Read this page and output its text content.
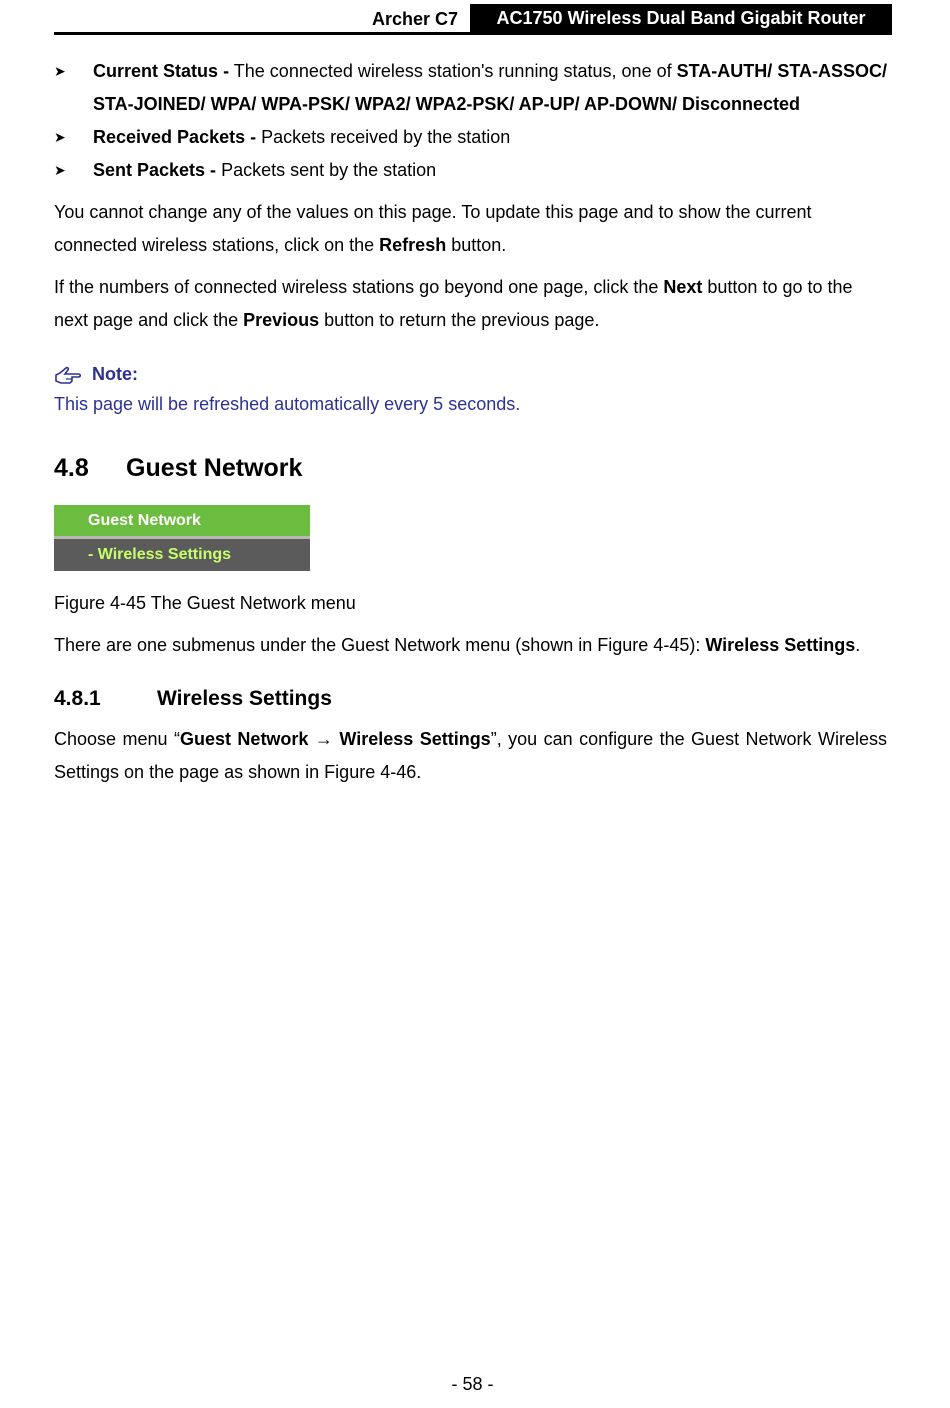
Archer C7	AC1750 Wireless Dual Band Gigabit Router
➤ Current Status - The connected wireless station's running status, one of STA-AUTH/ STA-ASSOC/ STA-JOINED/ WPA/ WPA-PSK/ WPA2/ WPA2-PSK/ AP-UP/ AP-DOWN/ Disconnected
➤ Received Packets - Packets received by the station
➤ Sent Packets - Packets sent by the station

You cannot change any of the values on this page. To update this page and to show the current connected wireless stations, click on the Refresh button.

If the numbers of connected wireless stations go beyond one page, click the Next button to go to the next page and click the Previous button to return the previous page.

Note:
This page will be refreshed automatically every 5 seconds.
4.8 Guest Network
Guest Network
- Wireless Settings

Figure 4-45 The Guest Network menu

There are one submenus under the Guest Network menu (shown in Figure 4-45): Wireless Settings.

4.8.1	Wireless Settings

Choose menu “Guest Network → Wireless Settings”, you can configure the Guest Network Wireless Settings on the page as shown in Figure 4-46.

- 58 -
